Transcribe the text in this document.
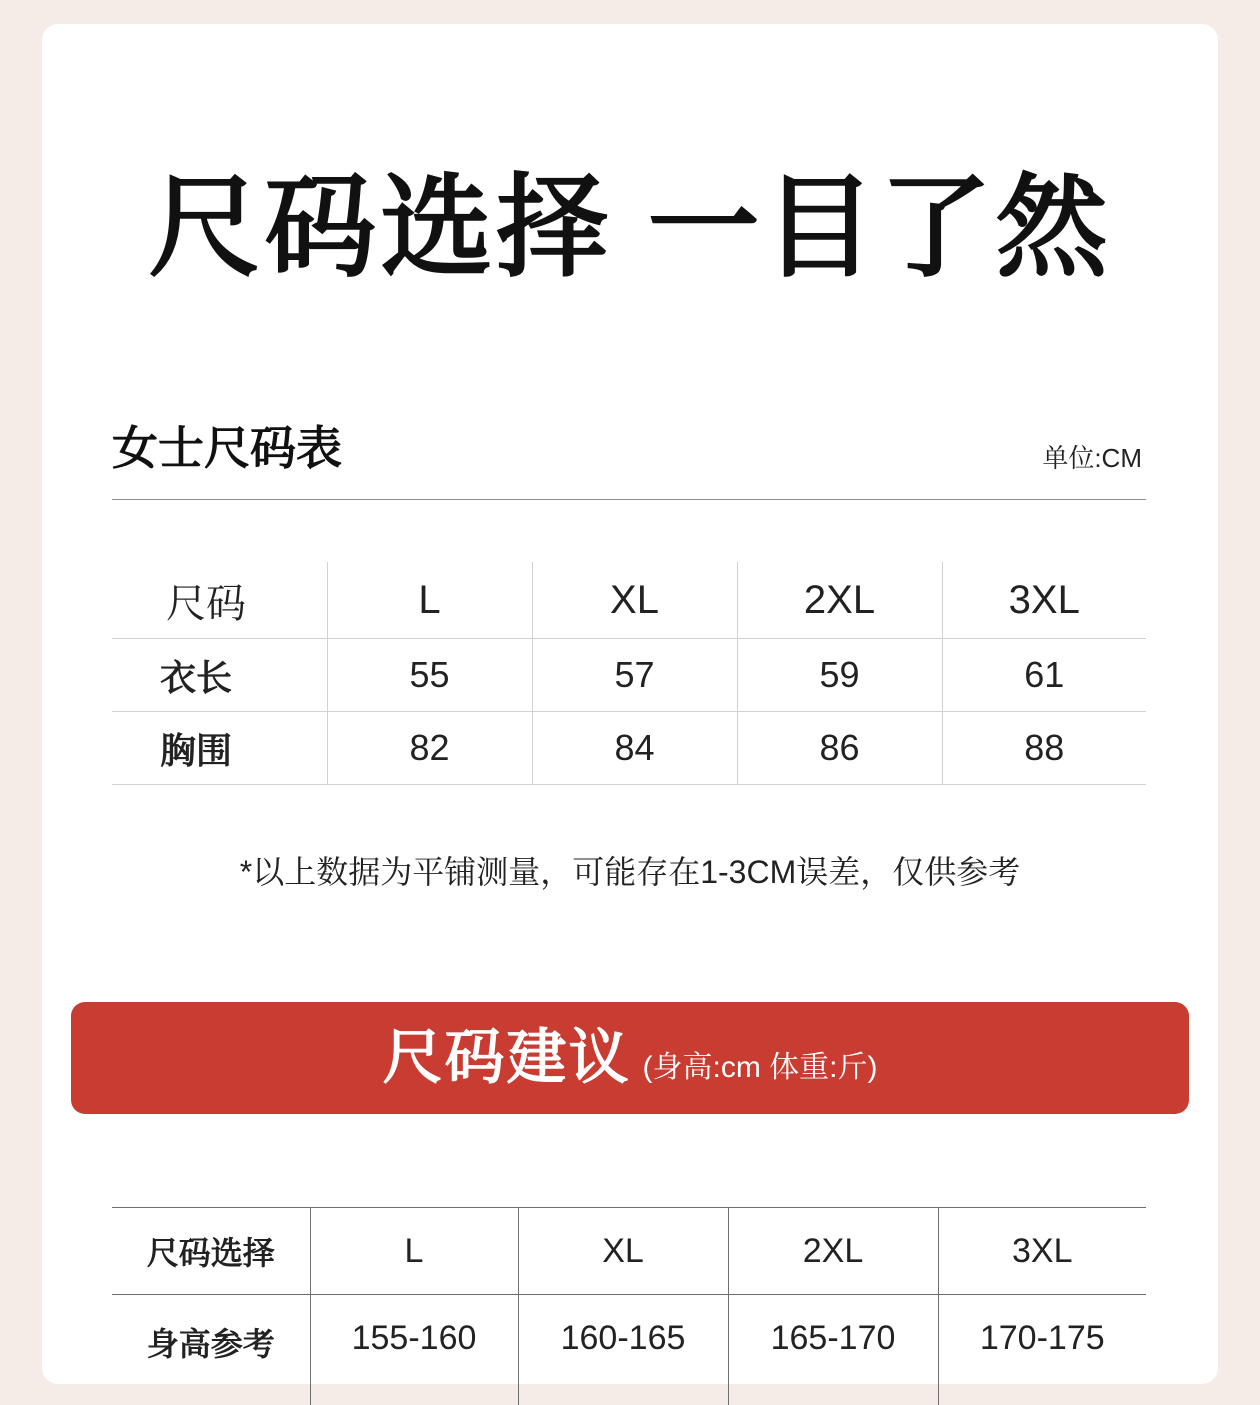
尺码选择 一目了然
女士尺码表	单位:CM
尺码	L	XL	2XL	3XL
衣长	55	57	59	61
胸围	82	84	86	88
*以上数据为平铺测量，可能存在1-3CM误差，仅供参考
尺码建议 (身高:cm 体重:斤)
尺码选择	L	XL	2XL	3XL
身高参考	155-160	160-165	165-170	170-175
